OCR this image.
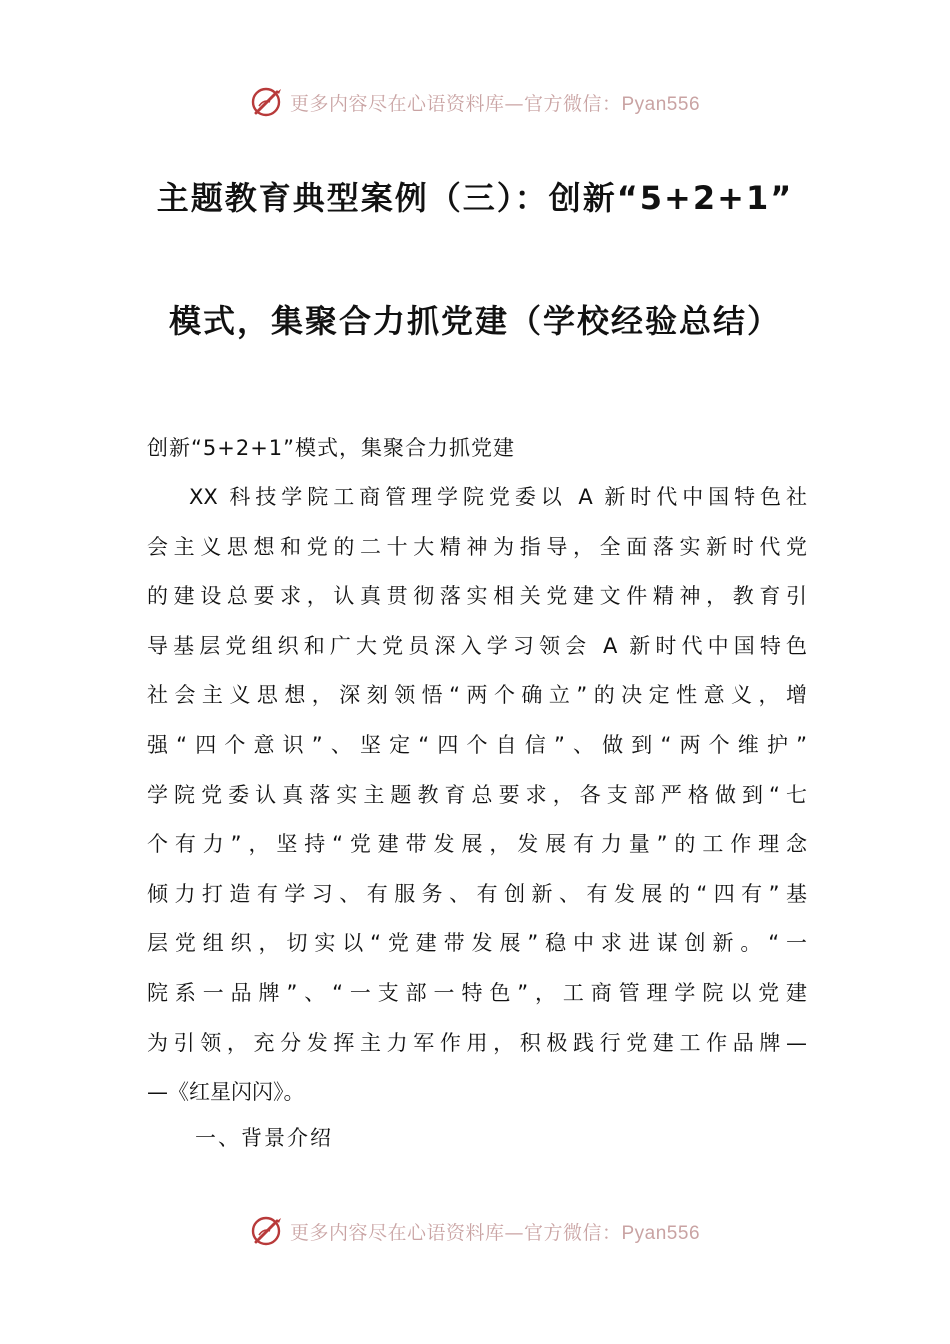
更多内容尽在心语资料库—官方微信：Pyan556
主题教育典型案例（三）：创新“5+2+1”
模式，集聚合力抓党建（学校经验总结）
创新“5+2+1”模式，集聚合力抓党建
XX 科技学院工商管理学院党委以 A 新时代中国特色社
会主义思想和党的二十大精神为指导，全面落实新时代党
的建设总要求，认真贯彻落实相关党建文件精神，教育引
导基层党组织和广大党员深入学习领会 A 新时代中国特色
社会主义思想，深刻领悟“两个确立”的决定性意义，增
强“四个意识”、坚定“四个自信”、做到“两个维护”
学院党委认真落实主题教育总要求，各支部严格做到“七
个有力”，坚持“党建带发展，发展有力量”的工作理念
倾力打造有学习、有服务、有创新、有发展的“四有”基
层党组织，切实以“党建带发展”稳中求进谋创新。“一
院系一品牌”、“一支部一特色”，工商管理学院以党建
为引领，充分发挥主力军作用，积极践行党建工作品牌—
—《红星闪闪》。
一、背景介绍
更多内容尽在心语资料库—官方微信：Pyan556
